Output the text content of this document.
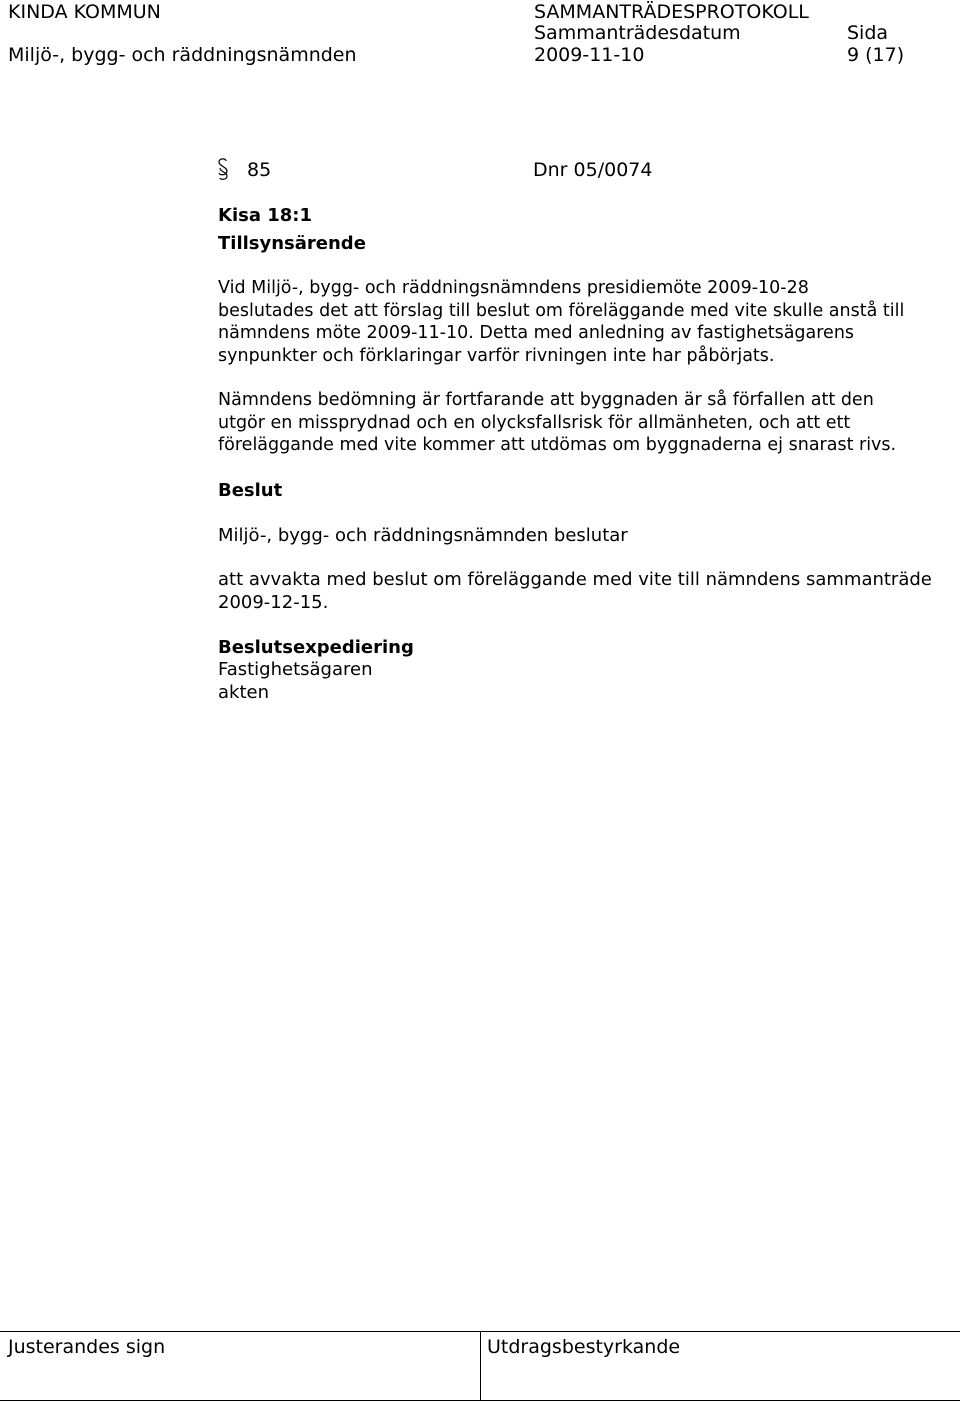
KINDA KOMMUN
Miljö-, bygg- och räddningsnämnden
SAMMANTRÄDESPROTOKOLL
Sammanträdesdatum
2009-11-10
Sida
9 (17)
85	Dnr 05/0074
Kisa 18:1
Tillsynsärende
Vid Miljö-, bygg- och räddningsnämndens presidiemöte 2009-10-28
beslutades det att förslag till beslut om föreläggande med vite skulle anstå till
nämndens möte 2009-11-10. Detta med anledning av fastighetsägarens
synpunkter och förklaringar varför rivningen inte har påbörjats.
Nämndens bedömning är fortfarande att byggnaden är så förfallen att den
utgör en missprydnad och en olycksfallsrisk för allmänheten, och att ett
föreläggande med vite kommer att utdömas om byggnaderna ej snarast rivs.
Beslut
Miljö-, bygg- och räddningsnämnden beslutar
att avvakta med beslut om föreläggande med vite till nämndens sammanträde
2009-12-15.
Beslutsexpediering
Fastighetsägaren
akten
Justerandes sign	Utdragsbestyrkande
